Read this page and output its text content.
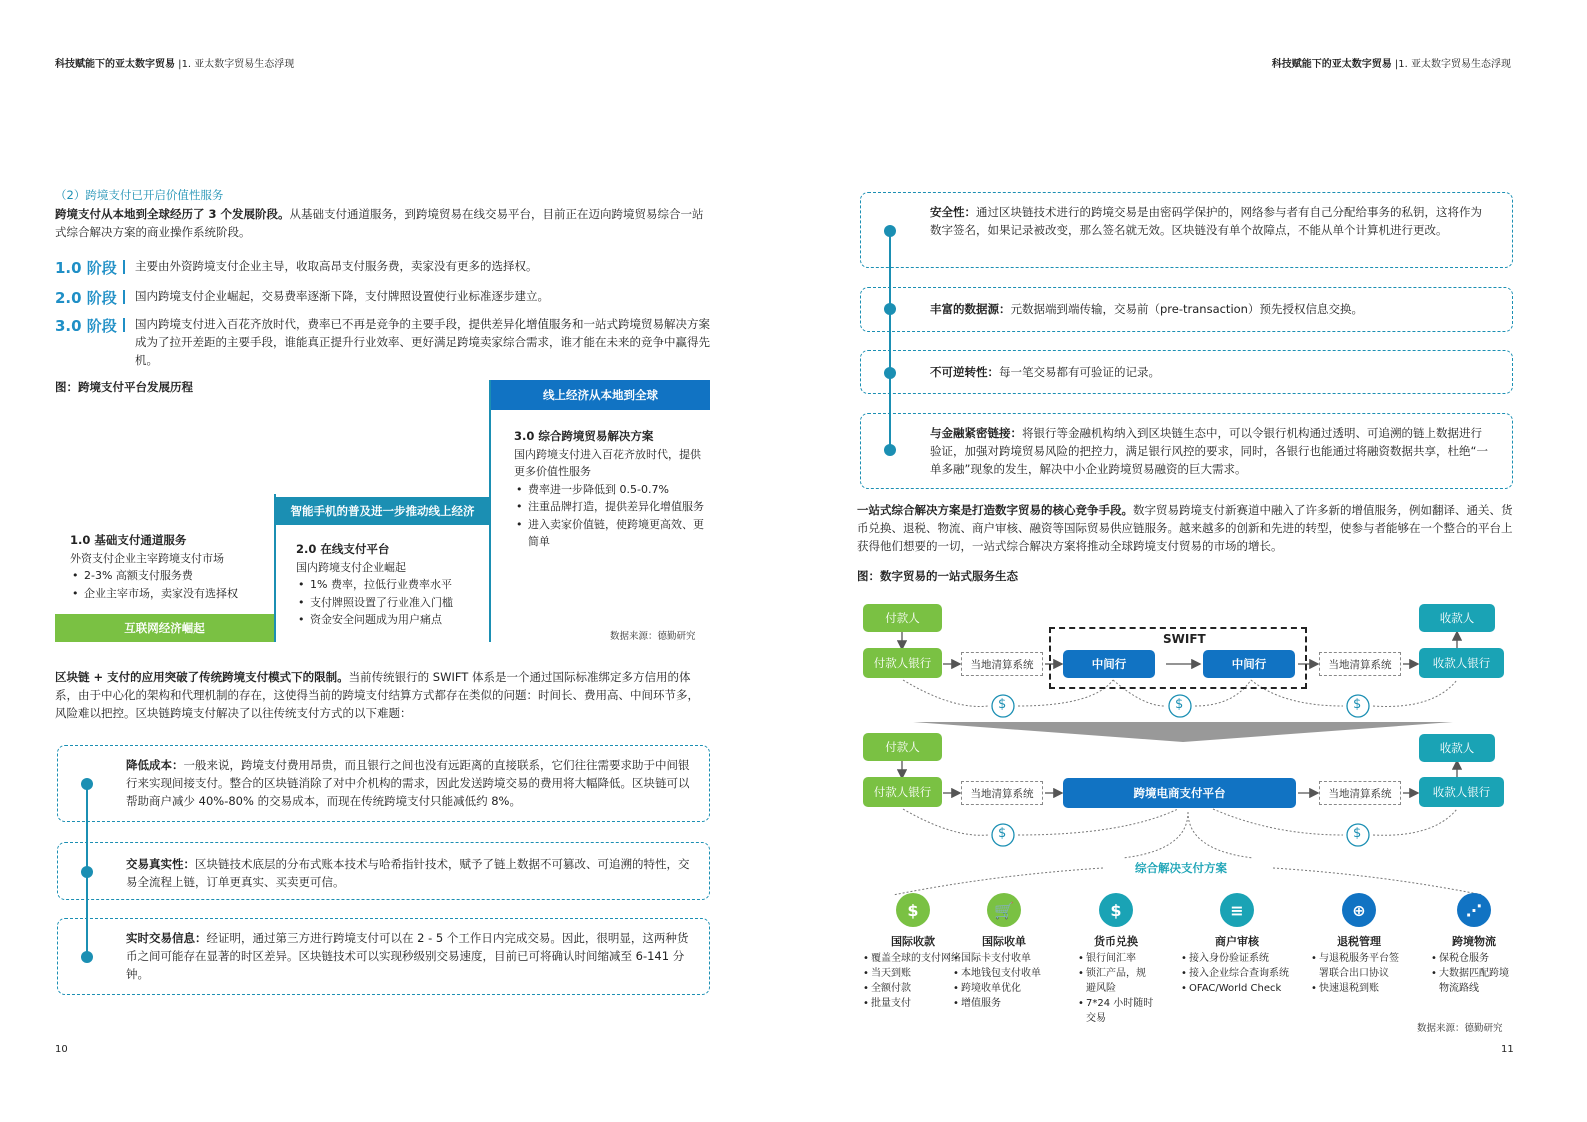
科技赋能下的亚太数字贸易 |1. 亚太数字贸易生态浮现
（2）跨境支付已开启价值性服务
跨境支付从本地到全球经历了 3 个发展阶段。从基础支付通道服务，到跨境贸易在线交易平台，目前正在迈向跨境贸易综合一站式综合解决方案的商业操作系统阶段。
1.0 阶段	主要由外资跨境支付企业主导，收取高昂支付服务费，卖家没有更多的选择权。
2.0 阶段	国内跨境支付企业崛起，交易费率逐渐下降，支付牌照设置使行业标准逐步建立。
3.0 阶段	国内跨境支付进入百花齐放时代，费率已不再是竞争的主要手段，提供差异化增值服务和一站式跨境贸易解决方案成为了拉开差距的主要手段，谁能真正提升行业效率、更好满足跨境卖家综合需求，谁才能在未来的竞争中赢得先机。
图：跨境支付平台发展历程
互联网经济崛起
智能手机的普及进一步推动线上经济
线上经济从本地到全球
1.0 基础支付通道服务
外资支付企业主宰跨境支付市场
• 2-3% 高额支付服务费
• 企业主宰市场，卖家没有选择权
2.0 在线支付平台
国内跨境支付企业崛起
• 1% 费率，拉低行业费率水平
• 支付牌照设置了行业准入门槛
• 资金安全问题成为用户痛点
3.0 综合跨境贸易解决方案
国内跨境支付进入百花齐放时代，提供更多价值性服务
• 费率进一步降低到 0.5-0.7%
• 注重品牌打造，提供差异化增值服务
• 进入卖家价值链，使跨境更高效、更简单
数据来源：德勤研究
区块链 + 支付的应用突破了传统跨境支付模式下的限制。当前传统银行的 SWIFT 体系是一个通过国际标准绑定多方信用的体系，由于中心化的架构和代理机制的存在，这使得当前的跨境支付结算方式都存在类似的问题：时间长、费用高、中间环节多，风险难以把控。区块链跨境支付解决了以往传统支付方式的以下难题：
降低成本：一般来说，跨境支付费用昂贵，而且银行之间也没有远距离的直接联系，它们往往需要求助于中间银行来实现间接支付。整合的区块链消除了对中介机构的需求，因此发送跨境交易的费用将大幅降低。区块链可以帮助商户减少 40%-80% 的交易成本，而现在传统跨境支付只能减低约 8%。
交易真实性：区块链技术底层的分布式账本技术与哈希指针技术，赋予了链上数据不可篡改、可追溯的特性，交易全流程上链，订单更真实、买卖更可信。
实时交易信息：经证明，通过第三方进行跨境支付可以在 2 - 5 个工作日内完成交易。因此，很明显，这两种货币之间可能存在显著的时区差异。区块链技术可以实现秒级别交易速度，目前已可将确认时间缩减至 6-141 分钟。
10
科技赋能下的亚太数字贸易 |1. 亚太数字贸易生态浮现
安全性：通过区块链技术进行的跨境交易是由密码学保护的，网络参与者有自己分配给事务的私钥，这将作为数字签名，如果记录被改变，那么签名就无效。区块链没有单个故障点，不能从单个计算机进行更改。
丰富的数据源：元数据端到端传输，交易前（pre-transaction）预先授权信息交换。
不可逆转性：每一笔交易都有可验证的记录。
与金融紧密链接：将银行等金融机构纳入到区块链生态中，可以令银行机构通过透明、可追溯的链上数据进行验证，加强对跨境贸易风险的把控力，满足银行风控的要求，同时，各银行也能通过将融资数据共享，杜绝“一单多融”现象的发生，解决中小企业跨境贸易融资的巨大需求。
一站式综合解决方案是打造数字贸易的核心竞争手段。数字贸易跨境支付新赛道中融入了许多新的增值服务，例如翻译、通关、货币兑换、退税、物流、商户审核、融资等国际贸易供应链服务。越来越多的创新和先进的转型，使参与者能够在一个整合的平台上获得他们想要的一切，一站式综合解决方案将推动全球跨境支付贸易的市场的增长。
图：数字贸易的一站式服务生态
$	$	$
$	$
付款人
付款人银行	当地清算系统
SWIFT
中间行	中间行	当地清算系统
收款人
收款人银行
付款人
付款人银行	当地清算系统	跨境电商支付平台	当地清算系统
收款人
收款人银行
综合解决支付方案
$
国际收款
• 覆盖全球的支付网络
• 当天到账
• 全额付款
• 批量支付
🛒
国际收单
• 国际卡支付收单
• 本地钱包支付收单
• 跨境收单优化
• 增值服务
$
货币兑换
• 银行间汇率
• 锁汇产品，规避风险
• 7*24 小时随时交易
≡
商户审核
• 接入身份验证系统
• 接入企业综合查询系统
• OFAC/World Check
⊕
退税管理
• 与退税服务平台签署联合出口协议
• 快速退税到账
⋰
跨境物流
• 保税仓服务
• 大数据匹配跨境物流路线
数据来源：德勤研究
11
